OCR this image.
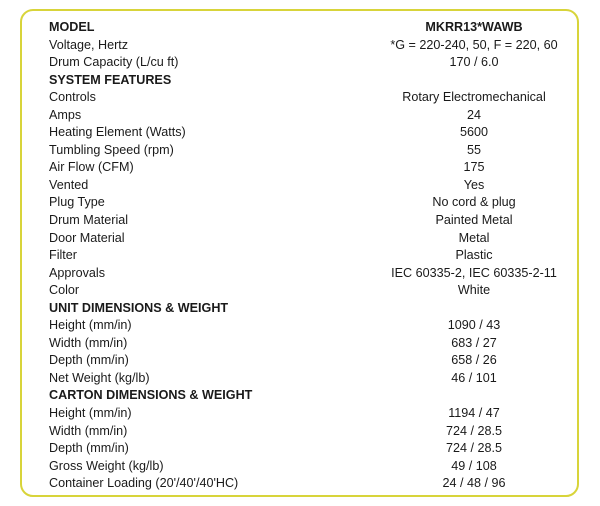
MODEL	MKRR13*WAWB
Voltage, Hertz	*G = 220-240, 50, F = 220, 60
Drum Capacity (L/cu ft)	170 / 6.0
SYSTEM FEATURES	
Controls	Rotary Electromechanical
Amps	24
Heating Element (Watts)	5600
Tumbling Speed (rpm)	55
Air Flow (CFM)	175
Vented	Yes
Plug Type	No cord & plug
Drum Material	Painted Metal
Door Material	Metal
Filter	Plastic
Approvals	IEC 60335-2, IEC 60335-2-11
Color	White
UNIT DIMENSIONS & WEIGHT	
Height (mm/in)	1090 / 43
Width (mm/in)	683 / 27
Depth (mm/in)	658 / 26
Net Weight (kg/lb)	46 / 101
CARTON DIMENSIONS & WEIGHT	
Height (mm/in)	1194 / 47
Width (mm/in)	724 / 28.5
Depth (mm/in)	724 / 28.5
Gross Weight (kg/lb)	49 / 108
Container Loading (20'/40'/40'HC)	24 / 48 / 96
